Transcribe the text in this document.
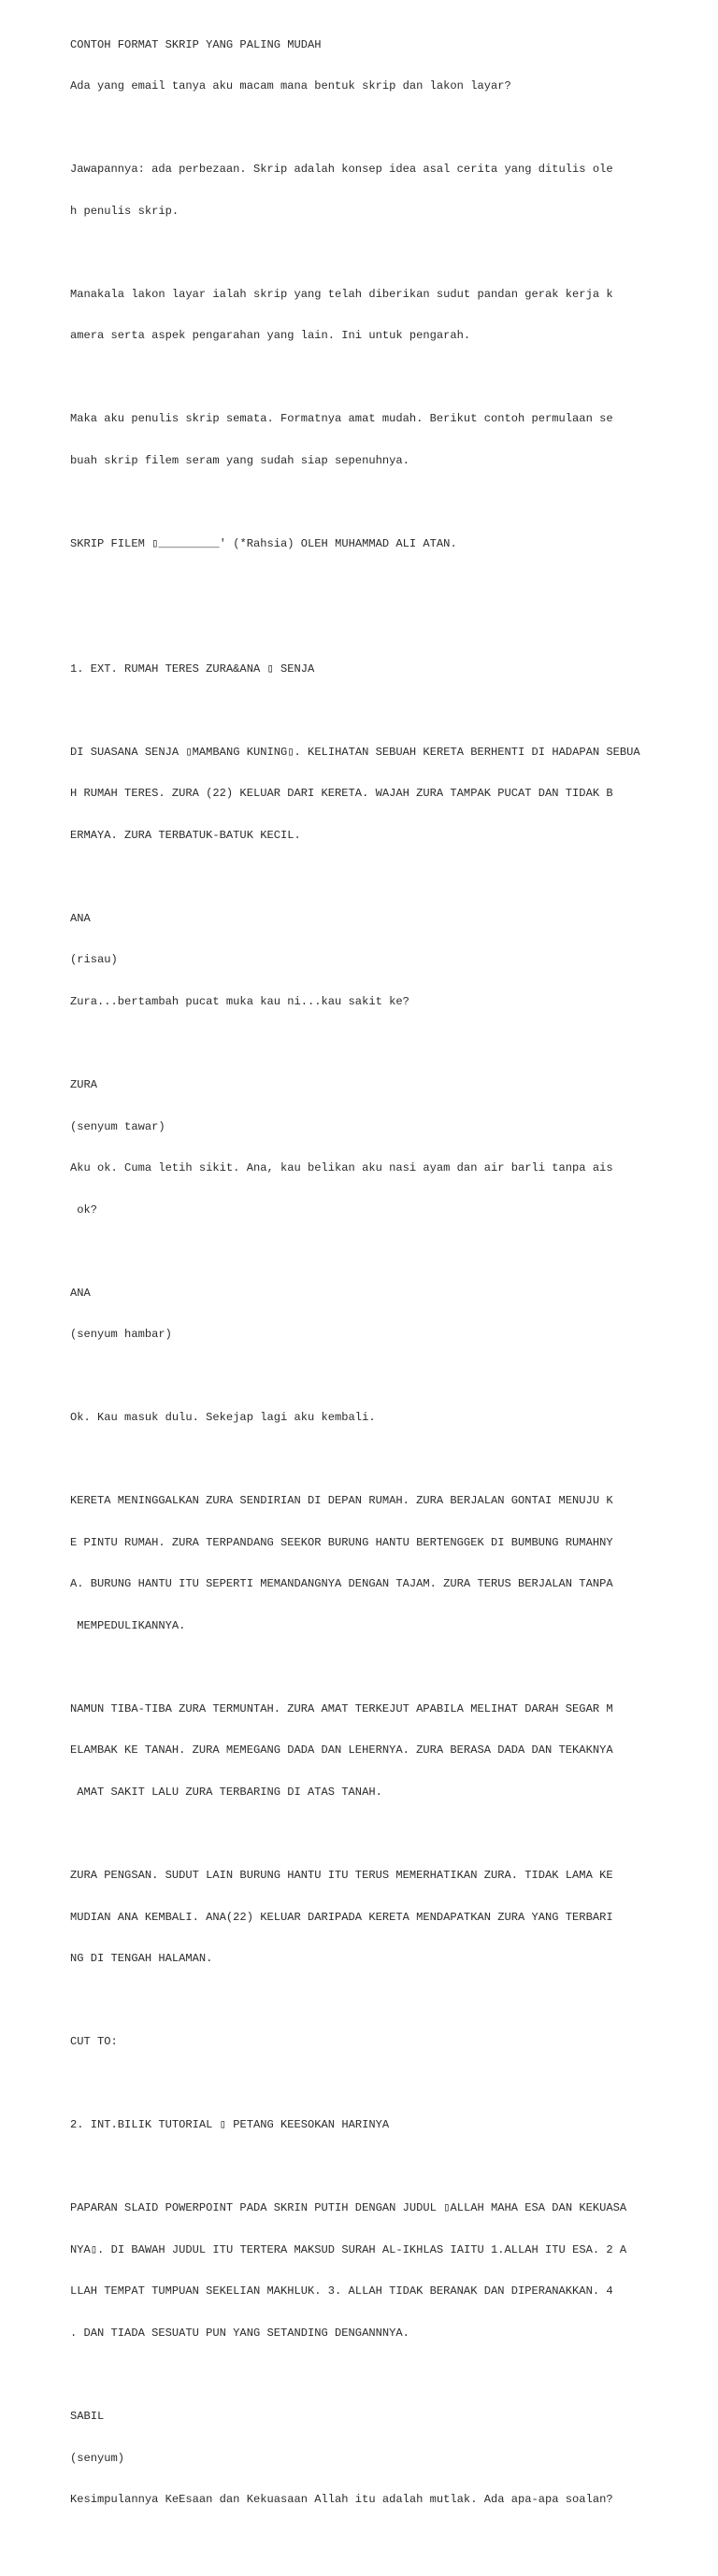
CONTOH FORMAT SKRIP YANG PALING MUDAH

Ada yang email tanya aku macam mana bentuk skrip dan lakon layar?

Jawapannya: ada perbezaan. Skrip adalah konsep idea asal cerita yang ditulis ole

h penulis skrip.

Manakala lakon layar ialah skrip yang telah diberikan sudut pandan gerak kerja k

amera serta aspek pengarahan yang lain. Ini untuk pengarah.

Maka aku penulis skrip semata. Formatnya amat mudah. Berikut contoh permulaan se

buah skrip filem seram yang sudah siap sepenuhnya.

SKRIP FILEM ▯_________' (*Rahsia) OLEH MUHAMMAD ALI ATAN.

1. EXT. RUMAH TERES ZURA&ANA ▯ SENJA

DI SUASANA SENJA ▯MAMBANG KUNING▯. KELIHATAN SEBUAH KERETA BERHENTI DI HADAPAN SEBUA

H RUMAH TERES. ZURA (22) KELUAR DARI KERETA. WAJAH ZURA TAMPAK PUCAT DAN TIDAK B

ERMAYA. ZURA TERBATUK-BATUK KECIL.

ANA

(risau)

Zura...bertambah pucat muka kau ni...kau sakit ke?

ZURA

(senyum tawar)

Aku ok. Cuma letih sikit. Ana, kau belikan aku nasi ayam dan air barli tanpa ais

ok?

ANA

(senyum hambar)

Ok. Kau masuk dulu. Sekejap lagi aku kembali.

KERETA MENINGGALKAN ZURA SENDIRIAN DI DEPAN RUMAH. ZURA BERJALAN GONTAI MENUJU K

E PINTU RUMAH. ZURA TERPANDANG SEEKOR BURUNG HANTU BERTENGGEK DI BUMBUNG RUMAHNY

A. BURUNG HANTU ITU SEPERTI MEMANDANGNYA DENGAN TAJAM. ZURA TERUS BERJALAN TANPA

MEMPEDULIKANNYA.

NAMUN TIBA-TIBA ZURA TERMUNTAH. ZURA AMAT TERKEJUT APABILA MELIHAT DARAH SEGAR M

ELAMBAK KE TANAH. ZURA MEMEGANG DADA DAN LEHERNYA. ZURA BERASA DADA DAN TEKAKNYA

AMAT SAKIT LALU ZURA TERBARING DI ATAS TANAH.

ZURA PENGSAN. SUDUT LAIN BURUNG HANTU ITU TERUS MEMERHATIKAN ZURA. TIDAK LAMA KE

MUDIAN ANA KEMBALI. ANA(22) KELUAR DARIPADA KERETA MENDAPATKAN ZURA YANG TERBARI

NG DI TENGAH HALAMAN.

CUT TO:

2. INT.BILIK TUTORIAL ▯ PETANG KEESOKAN HARINYA

PAPARAN SLAID POWERPOINT PADA SKRIN PUTIH DENGAN JUDUL ▯ALLAH MAHA ESA DAN KEKUASA

NYA▯. DI BAWAH JUDUL ITU TERTERA MAKSUD SURAH AL-IKHLAS IAITU 1.ALLAH ITU ESA. 2 A

LLAH TEMPAT TUMPUAN SEKELIAN MAKHLUK. 3. ALLAH TIDAK BERANAK DAN DIPERANAKKAN. 4

. DAN TIADA SESUATU PUN YANG SETANDING DENGANNNYA.

SABIL

(senyum)

Kesimpulannya KeEsaan dan Kekuasaan Allah itu adalah mutlak. Ada apa-apa soalan?
